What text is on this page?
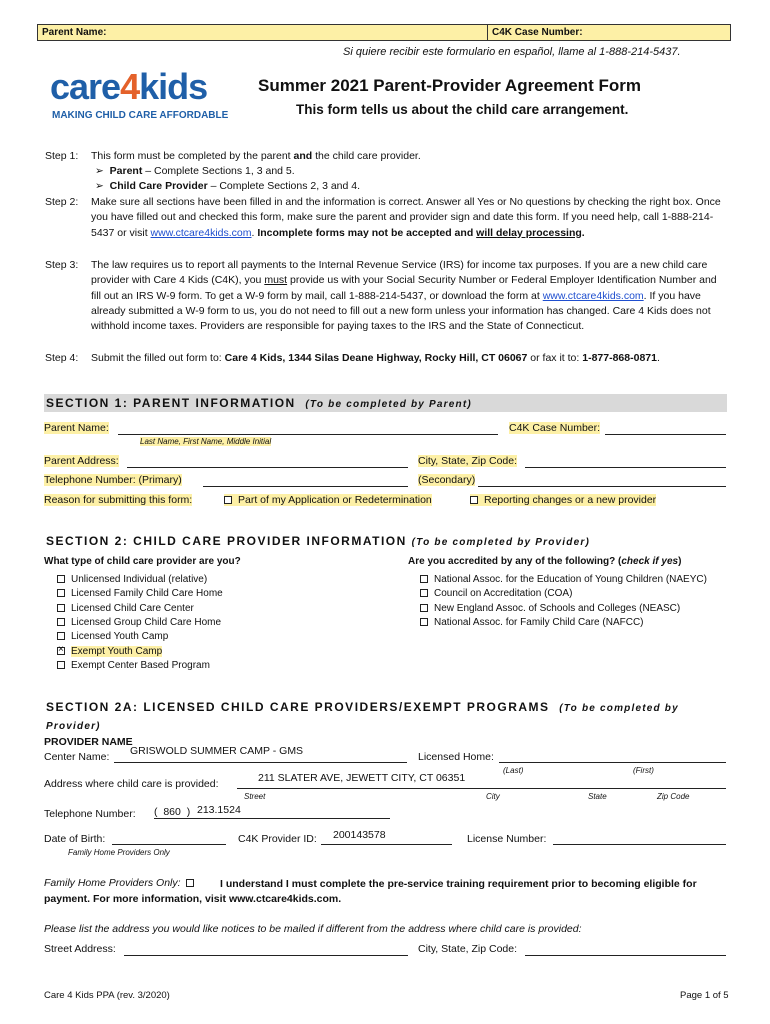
Parent Name:	C4K Case Number:
Si quiere recibir este formulario en español, llame al 1-888-214-5437.
care4kids
MAKING CHILD CARE AFFORDABLE
Summer 2021 Parent-Provider Agreement Form
This form tells us about the child care arrangement.
Step 1: This form must be completed by the parent and the child care provider.
➢  Parent – Complete Sections 1, 3 and 5.
➢  Child Care Provider – Complete Sections 2, 3 and 4.
Step 2: Make sure all sections have been filled in and the information is correct. Answer all Yes or No questions by checking the right box. Once you have filled out and checked this form, make sure the parent and provider sign and date this form. If you need help, call 1-888-214-5437 or visit www.ctcare4kids.com. Incomplete forms may not be accepted and will delay processing.
Step 3: The law requires us to report all payments to the Internal Revenue Service (IRS) for income tax purposes. If you are a new child care provider with Care 4 Kids (C4K), you must provide us with your Social Security Number or Federal Employer Identification Number and fill out an IRS W-9 form. To get a W-9 form by mail, call 1-888-214-5437, or download the form at www.ctcare4kids.com. If you have already submitted a W-9 form to us, you do not need to fill out a new form unless your information has changed. Care 4 Kids does not withhold income taxes. Providers are responsible for paying taxes to the IRS and the State of Connecticut.
Step 4: Submit the filled out form to: Care 4 Kids, 1344 Silas Deane Highway, Rocky Hill, CT 06067 or fax it to: 1-877-868-0871.
SECTION 1: PARENT INFORMATION (To be completed by Parent)
Parent Name:	C4K Case Number:
Last Name, First Name, Middle Initial
Parent Address:	City, State, Zip Code:
Telephone Number: (Primary)	(Secondary)
Reason for submitting this form:	Part of my Application or Redetermination	Reporting changes or a new provider
SECTION 2: CHILD CARE PROVIDER INFORMATION (To be completed by Provider)
What type of child care provider are you?	Are you accredited by any of the following? (check if yes)
Unlicensed Individual (relative)
Licensed Family Child Care Home
Licensed Child Care Center
Licensed Group Child Care Home
Licensed Youth Camp
×Exempt Youth Camp
Exempt Center Based Program
National Assoc. for the Education of Young Children (NAEYC)
Council on Accreditation (COA)
New England Assoc. of Schools and Colleges (NEASC)
National Assoc. for Family Child Care (NAFCC)
SECTION 2A: LICENSED CHILD CARE PROVIDERS/EXEMPT PROGRAMS (To be completed by Provider)
PROVIDER NAME
Center Name: GRISWOLD SUMMER CAMP - GMS	Licensed Home:
(Last)	(First)
Address where child care is provided:	211 SLATER AVE, JEWETT CITY, CT 06351
Street	City	State	Zip Code
Telephone Number: (  860  ) 213.1524
Date of Birth:
Family Home Providers Only
C4K Provider ID: 200143578	License Number:
Family Home Providers Only:	I understand I must complete the pre-service training requirement prior to becoming eligible for payment. For more information, visit www.ctcare4kids.com.
Please list the address you would like notices to be mailed if different from the address where child care is provided:
Street Address:	City, State, Zip Code:
Care 4 Kids PPA (rev. 3/2020)	Page 1 of 5
